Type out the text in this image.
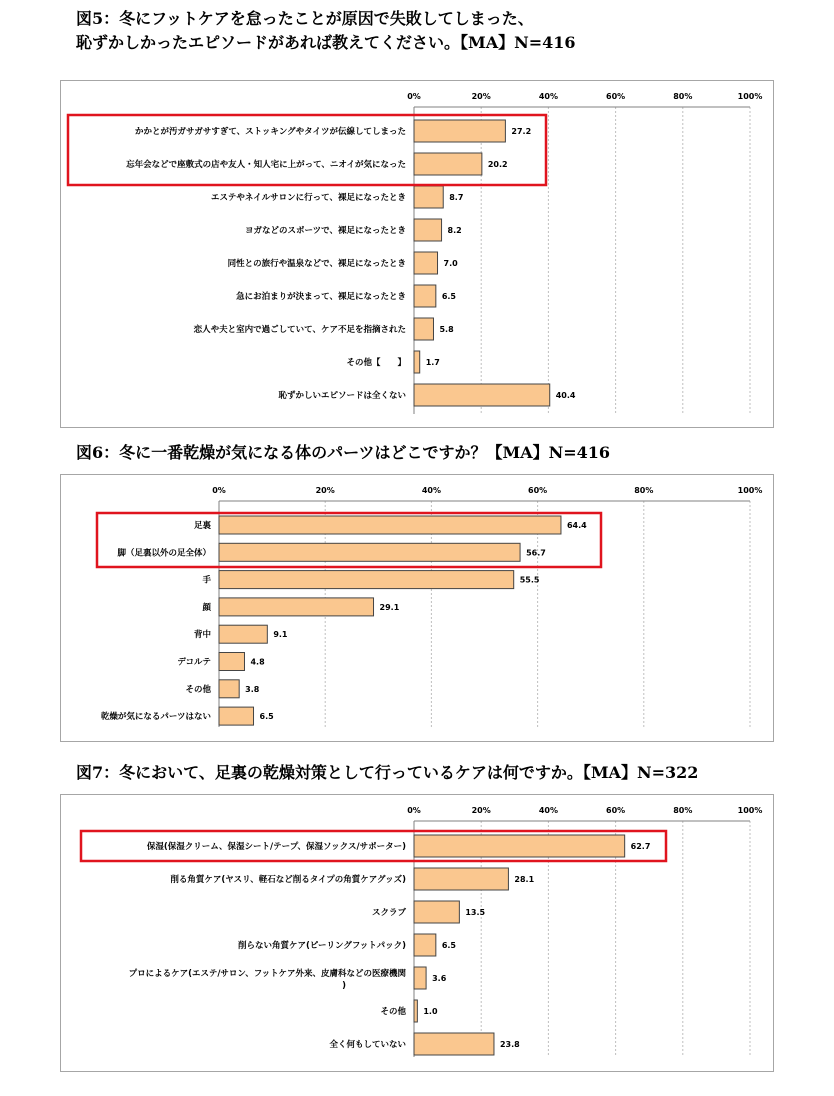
図5：冬にフットケアを怠ったことが原因で失敗してしまった、
恥ずかしかったエピソードがあれば教えてください。【MA】N=416
0%	20%	40%	60%	80%	100%
かかとが汚ガサガサすぎて、ストッキングやタイツが伝線してしまった	27.2
忘年会などで座敷式の店や友人・知人宅に上がって、ニオイが気になった	20.2
エステやネイルサロンに行って、裸足になったとき	8.7
ヨガなどのスポーツで、裸足になったとき	8.2
同性との旅行や温泉などで、裸足になったとき	7.0
急にお泊まりが決まって、裸足になったとき	6.5
恋人や夫と室内で過ごしていて、ケア不足を指摘された	5.8
その他【　　】 1.7
恥ずかしいエピソードは全くない	40.4
図6：冬に一番乾燥が気になる体のパーツはどこですか？【MA】N=416
0%	20%	40%	60%	80%	100%
足裏	64.4
脚（足裏以外の足全体）	56.7
手	55.5
顔	29.1
背中	9.1
デコルテ	4.8
その他	3.8
乾燥が気になるパーツはない	6.5
図7：冬において、足裏の乾燥対策として行っているケアは何ですか。【MA】N=322
0%	20%	40%	60%	80%	100%
保湿(保湿クリーム、保湿シート/テープ、保湿ソックス/サポーター)	62.7
削る角質ケア(ヤスリ、軽石など削るタイプの角質ケアグッズ)	28.1
スクラブ	13.5
削らない角質ケア(ピーリングフットパック)	6.5
プロによるケア(エステ/サロン、フットケア外来、皮膚科などの医療機関)
3.6
その他 1.0
全く何もしていない	23.8
